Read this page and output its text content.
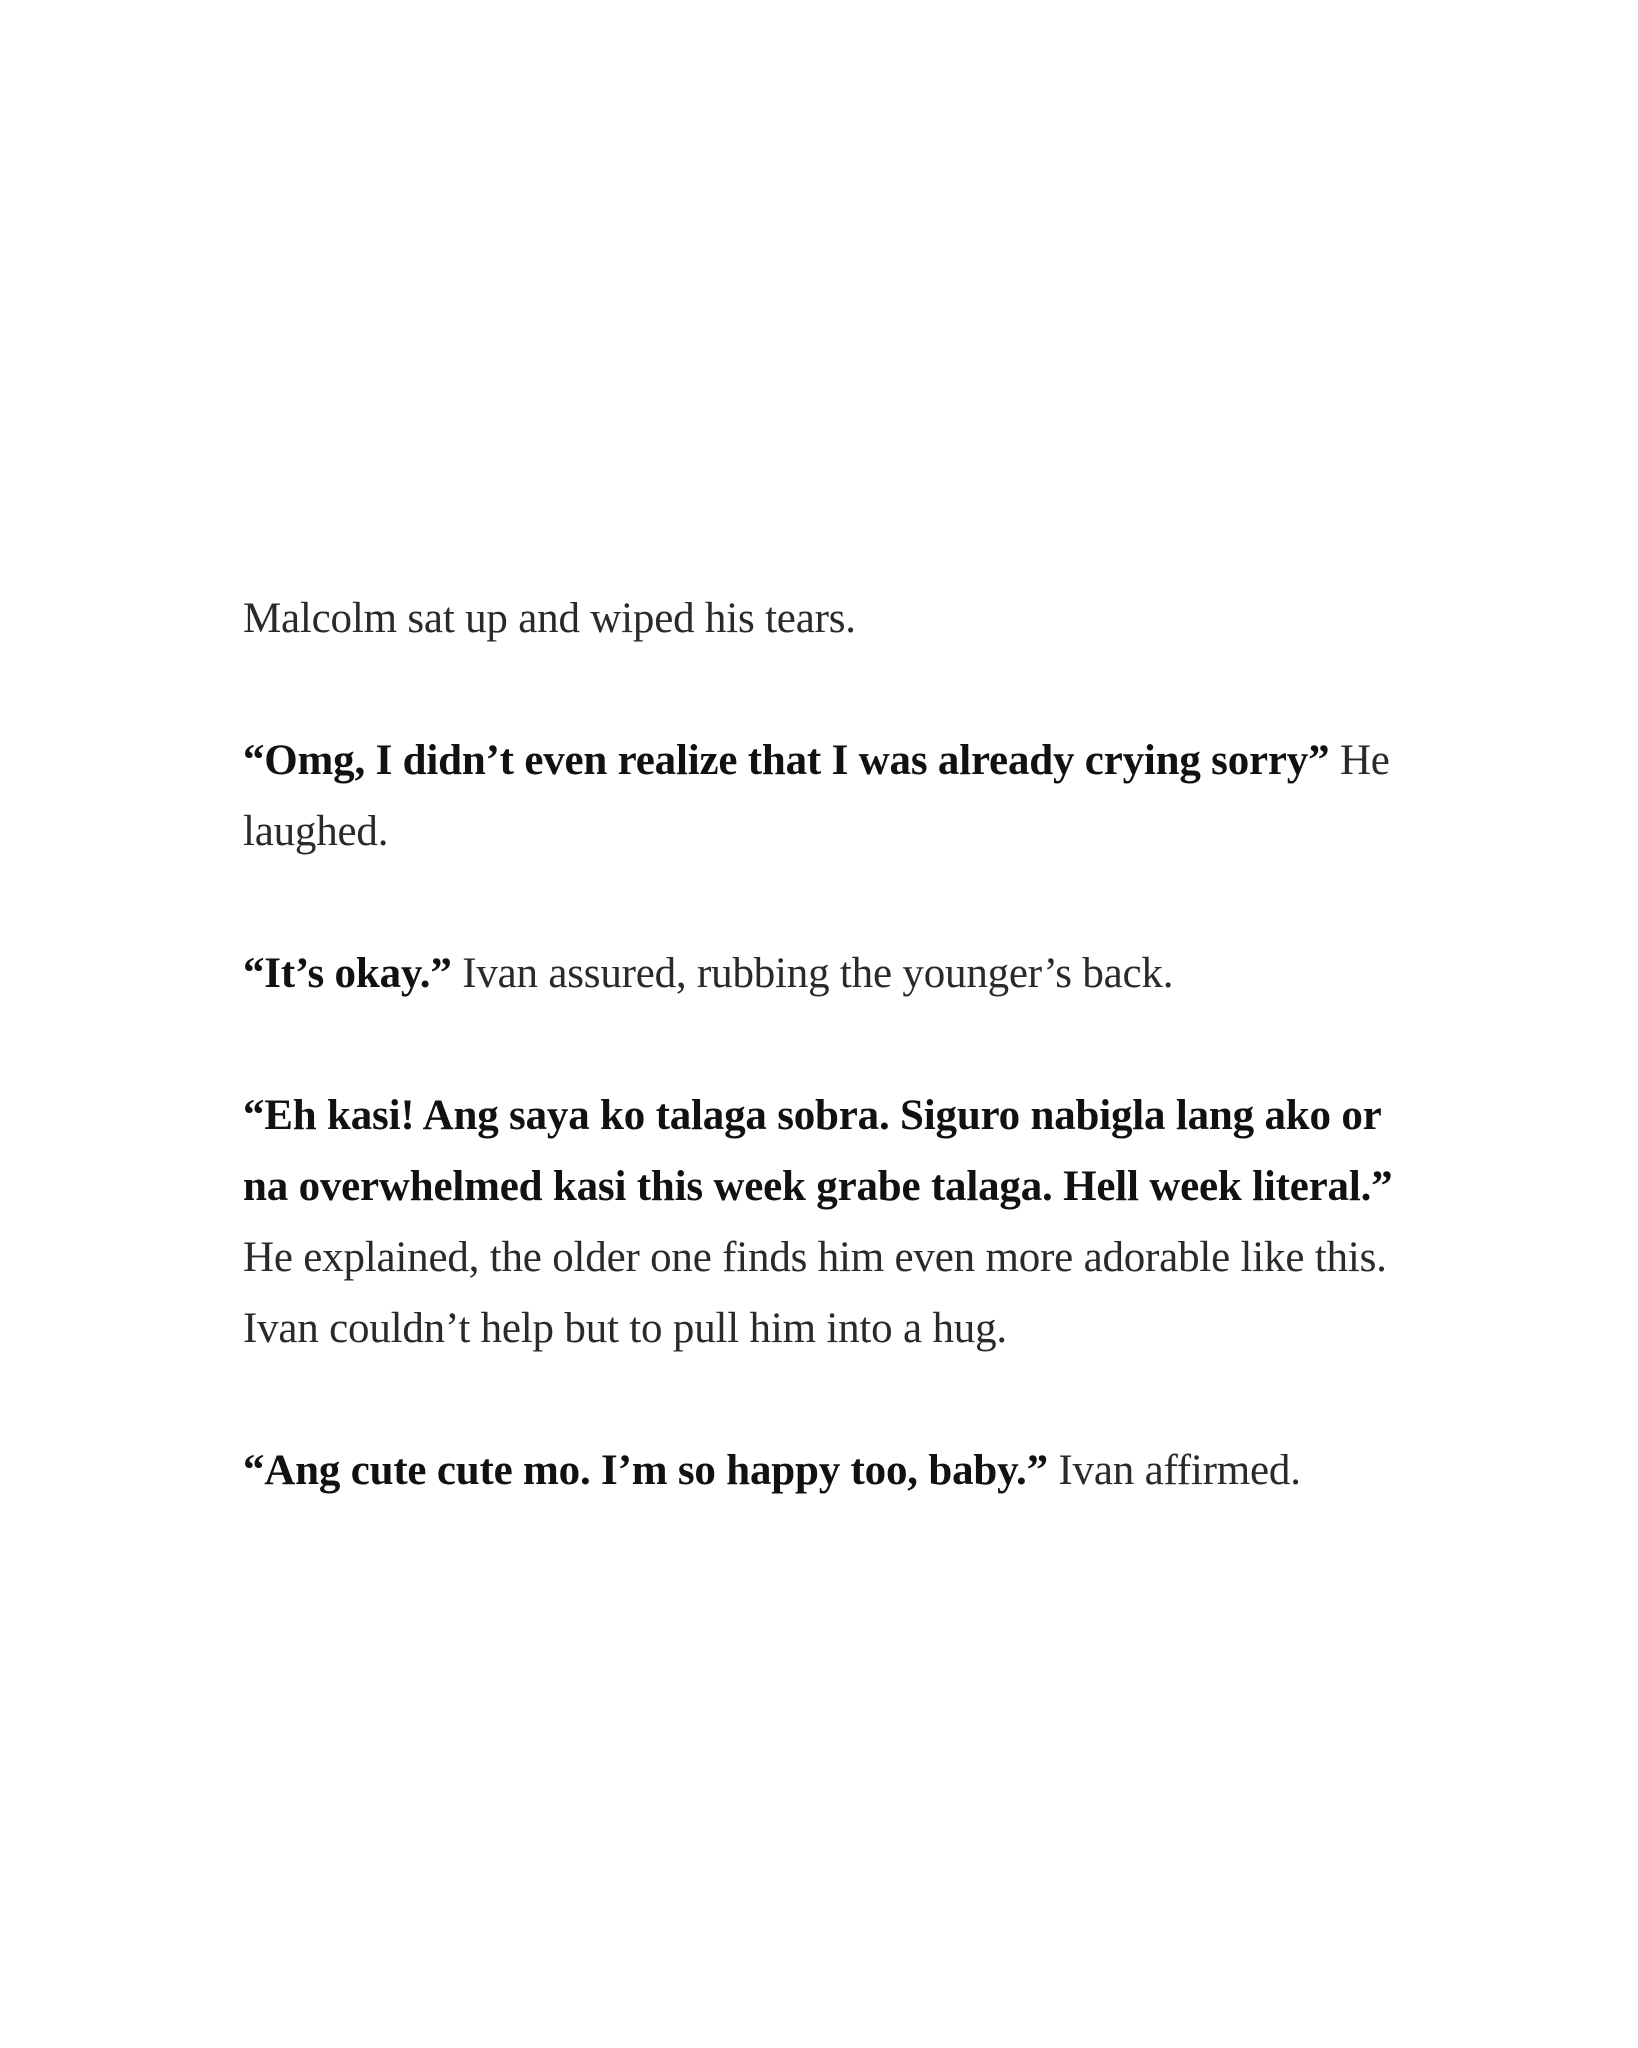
Malcolm sat up and wiped his tears.

“Omg, I didn’t even realize that I was already crying sorry” He laughed.

“It’s okay.” Ivan assured, rubbing the younger’s back.

“Eh kasi! Ang saya ko talaga sobra. Siguro nabigla lang ako or na overwhelmed kasi this week grabe talaga. Hell week literal.” He explained, the older one finds him even more adorable like this. Ivan couldn’t help but to pull him into a hug.

“Ang cute cute mo. I’m so happy too, baby.” Ivan affirmed.
